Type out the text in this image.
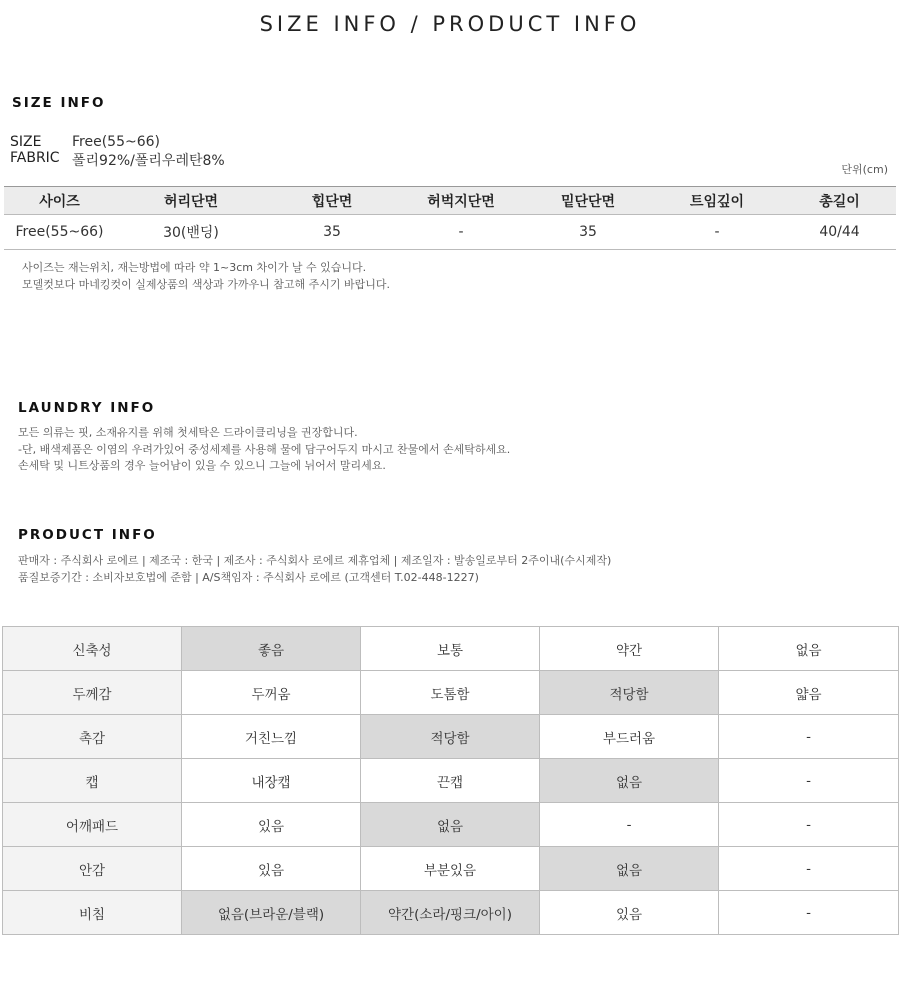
SIZE INFO / PRODUCT INFO
SIZE INFO
SIZE Free(55~66)
FABRIC 폴리92%/폴리우레탄8%
단위(cm)
사이즈	허리단면	힙단면	허벅지단면	밑단단면	트임깊이	총길이
Free(55~66)	30(밴딩)	35	-	35	-	40/44
사이즈는 재는위치, 재는방법에 따라 약 1~3cm 차이가 날 수 있습니다.
모델컷보다 마네킹컷이 실제상품의 색상과 가까우니 참고해 주시기 바랍니다.
LAUNDRY INFO
모든 의류는 핏, 소재유지를 위해 첫세탁은 드라이클리닝을 권장합니다.
-단, 배색제품은 이염의 우려가있어 중성세제를 사용해 물에 담구어두지 마시고 찬물에서 손세탁하세요.
손세탁 및 니트상품의 경우 늘어남이 있을 수 있으니 그늘에 뉘어서 말리세요.
PRODUCT INFO
판매자 : 주식회사 로에르 | 제조국 : 한국 | 제조사 : 주식회사 로에르 제휴업체 | 제조일자 : 발송일로부터 2주이내(수시제작)
품질보증기간 : 소비자보호법에 준함 | A/S책임자 : 주식회사 로에르 (고객센터 T.02-448-1227)
신축성	좋음	보통	약간	없음
두께감	두꺼움	도톰함	적당함	얇음
촉감	거친느낌	적당함	부드러움	-
캡	내장캡	끈캡	없음	-
어깨패드	있음	없음	-	-
안감	있음	부분있음	없음	-
비침	없음(브라운/블랙)	약간(소라/핑크/아이)	있음	-
